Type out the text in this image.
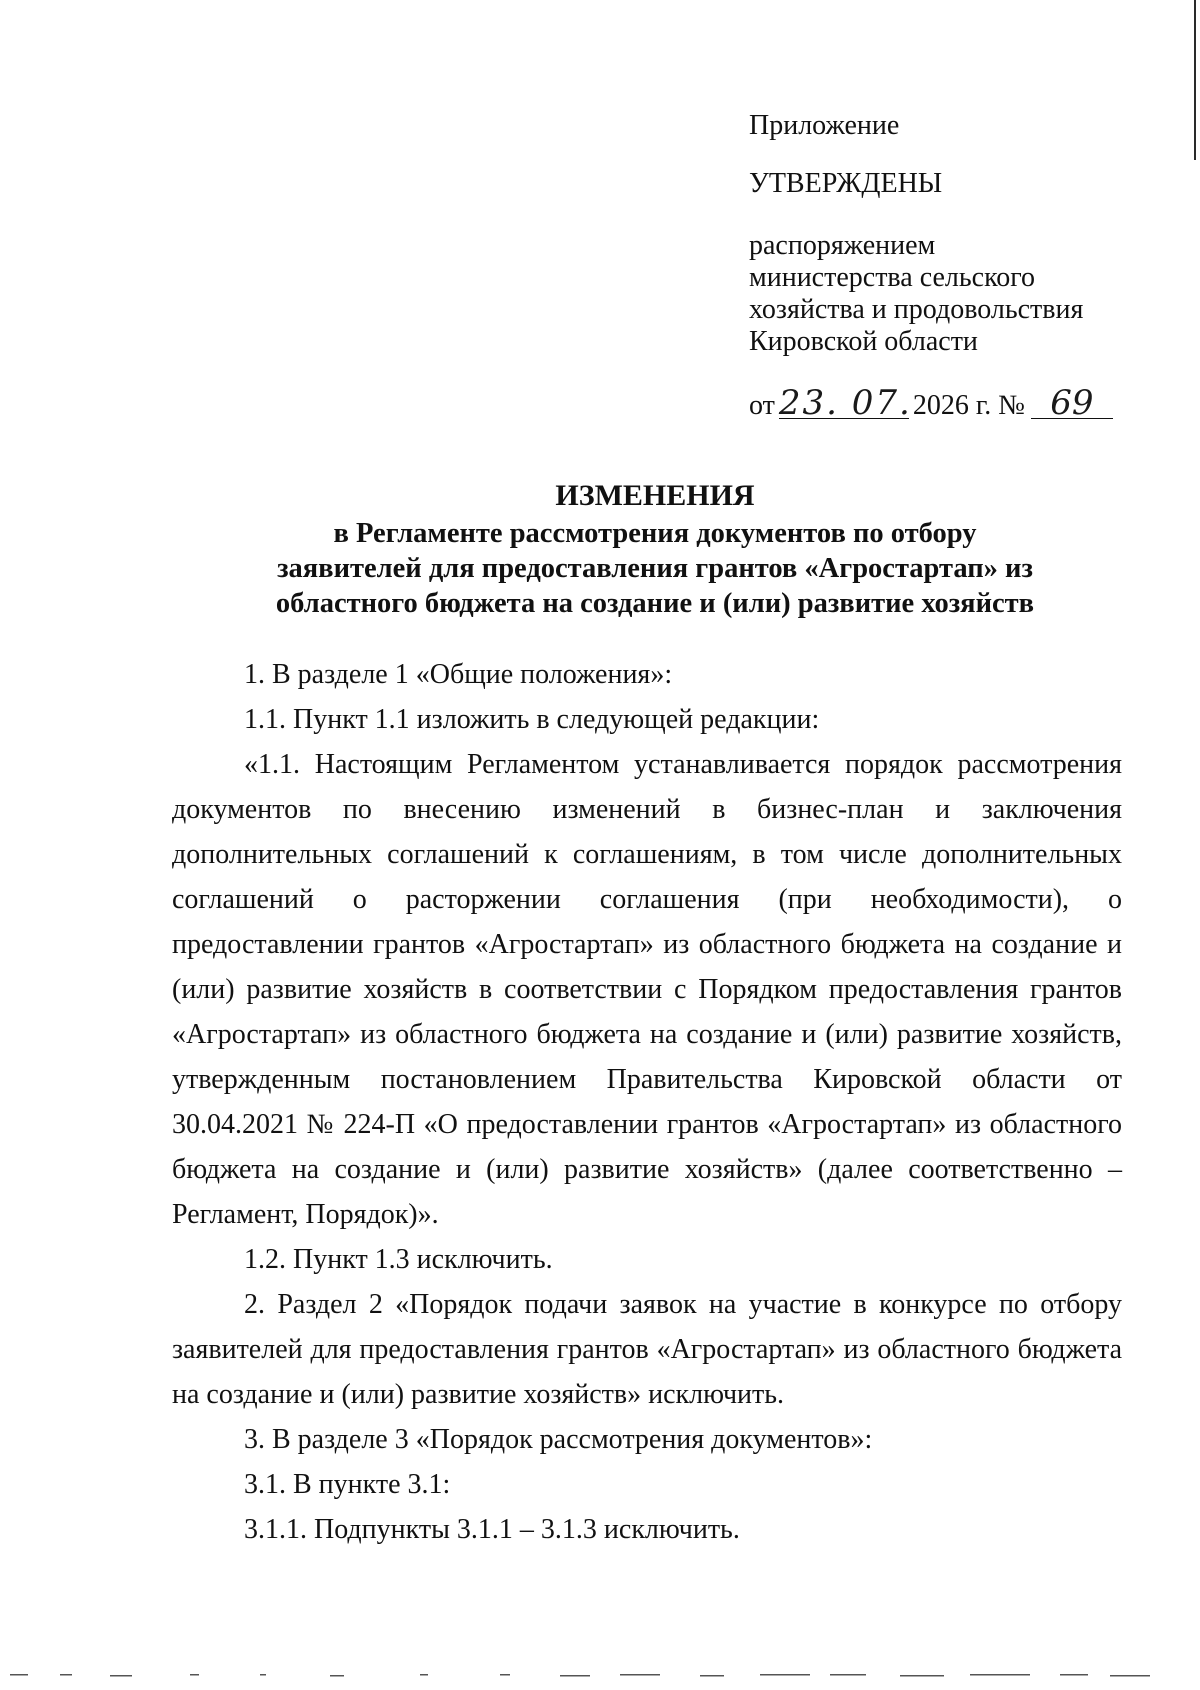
Приложение
УТВЕРЖДЕНЫ
распоряжением
министерства сельского
хозяйства и продовольствия
Кировской области
от 23. 07.2026 г. № 69
ИЗМЕНЕНИЯ
в Регламенте рассмотрения документов по отбору
заявителей для предоставления грантов «Агростартап» из
областного бюджета на создание и (или) развитие хозяйств

1. В разделе 1 «Общие положения»:

1.1. Пункт 1.1 изложить в следующей редакции:

«1.1. Настоящим Регламентом устанавливается порядок рассмотрения документов по внесению изменений в бизнес-план и заключения дополнительных соглашений к соглашениям, в том числе дополнительных соглашений о расторжении соглашения (при необходимости), о предоставлении грантов «Агростартап» из областного бюджета на создание и (или) развитие хозяйств в соответствии с Порядком предоставления грантов «Агростартап» из областного бюджета на создание и (или) развитие хозяйств, утвержденным постановлением Правительства Кировской области от 30.04.2021 № 224-П «О предоставлении грантов «Агростартап» из областного бюджета на создание и (или) развитие хозяйств» (далее соответственно – Регламент, Порядок)».

1.2. Пункт 1.3 исключить.

2. Раздел 2 «Порядок подачи заявок на участие в конкурсе по отбору заявителей для предоставления грантов «Агростартап» из областного бюджета на создание и (или) развитие хозяйств» исключить.

3. В разделе 3 «Порядок рассмотрения документов»:

3.1. В пункте 3.1:

3.1.1. Подпункты 3.1.1 – 3.1.3 исключить.
